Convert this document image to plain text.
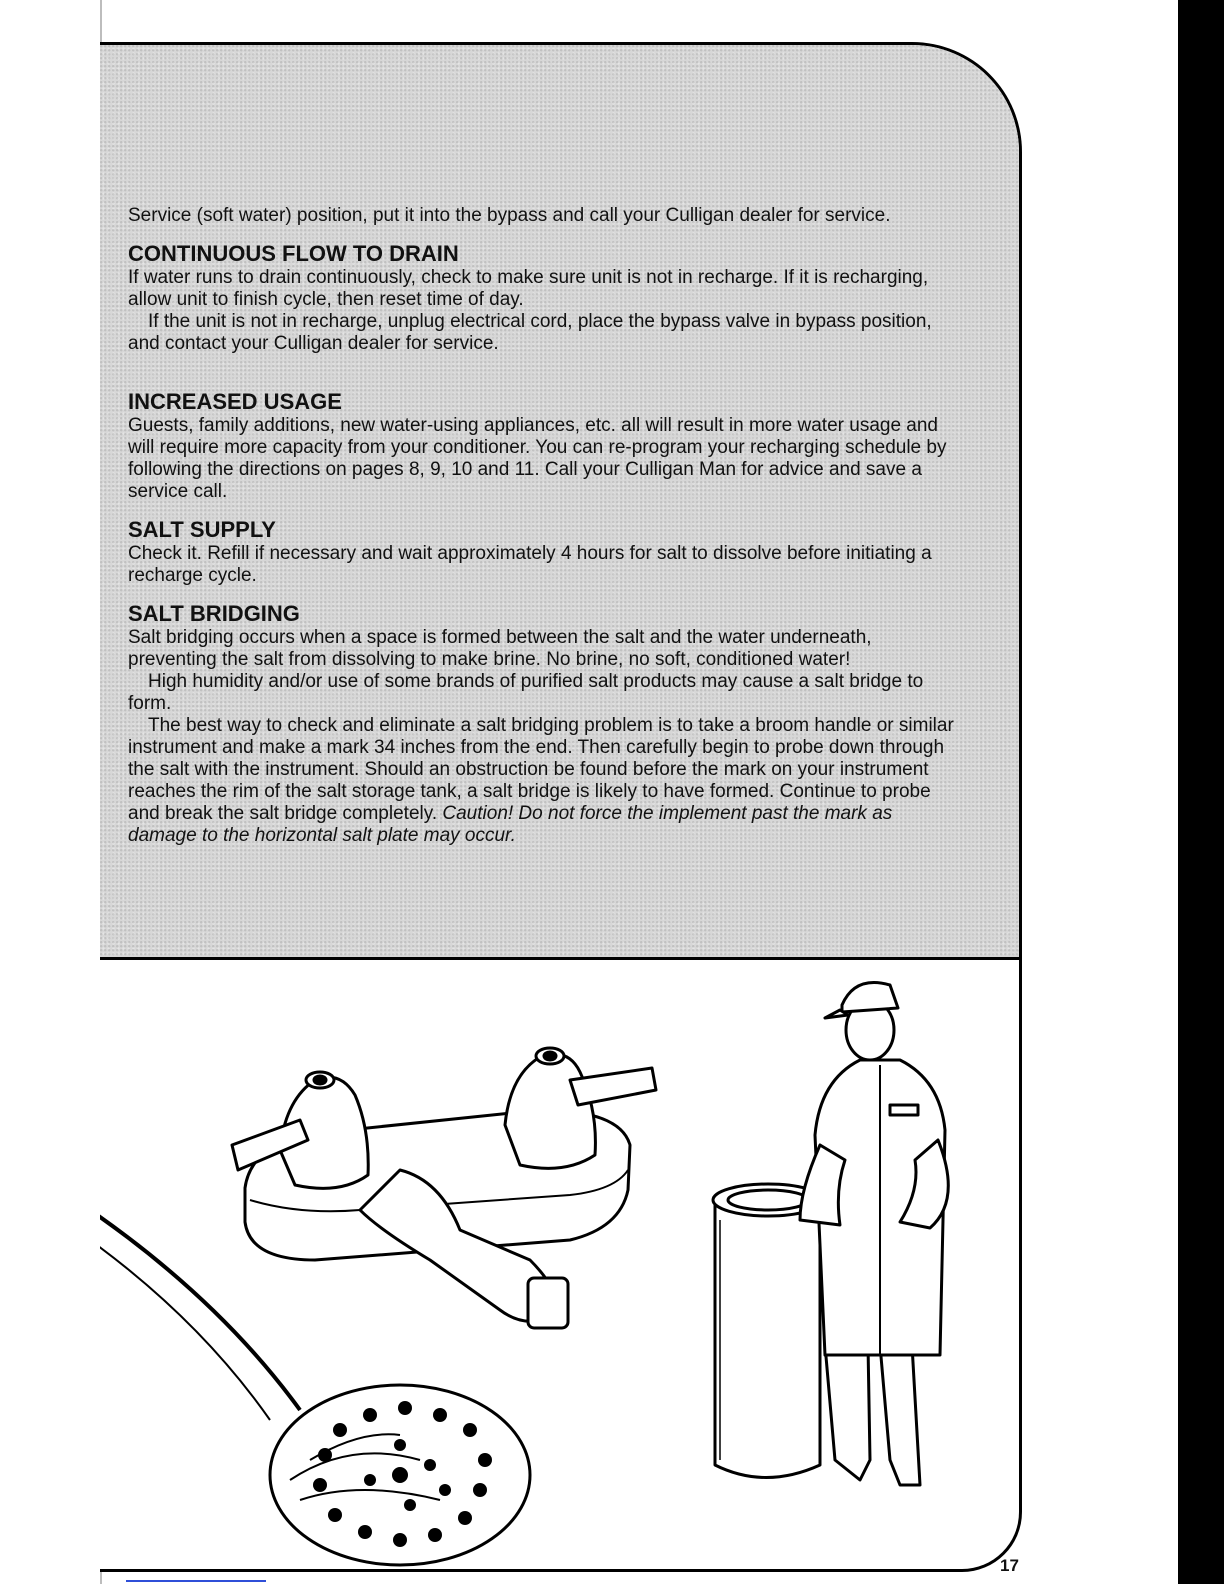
Service (soft water) position, put it into the bypass and call your Culligan dealer for service.

CONTINUOUS FLOW TO DRAIN

If water runs to drain continuously, check to make sure unit is not in recharge. If it is recharging, allow unit to finish cycle, then reset time of day.

If the unit is not in recharge, unplug electrical cord, place the bypass valve in bypass position, and contact your Culligan dealer for service.

INCREASED USAGE

Guests, family additions, new water-using appliances, etc. all will result in more water usage and will require more capacity from your conditioner. You can re-program your recharging schedule by following the directions on pages 8, 9, 10 and 11. Call your Culligan Man for advice and save a service call.

SALT SUPPLY

Check it. Refill if necessary and wait approximately 4 hours for salt to dissolve before initiating a recharge cycle.

SALT BRIDGING

Salt bridging occurs when a space is formed between the salt and the water underneath, preventing the salt from dissolving to make brine. No brine, no soft, conditioned water!

High humidity and/or use of some brands of purified salt products may cause a salt bridge to form.

The best way to check and eliminate a salt bridging problem is to take a broom handle or similar instrument and make a mark 34 inches from the end. Then carefully begin to probe down through the salt with the instrument. Should an obstruction be found before the mark on your instrument reaches the rim of the salt storage tank, a salt bridge is likely to have formed. Continue to probe and break the salt bridge completely. Caution! Do not force the implement past the mark as damage to the horizontal salt plate may occur.

17
